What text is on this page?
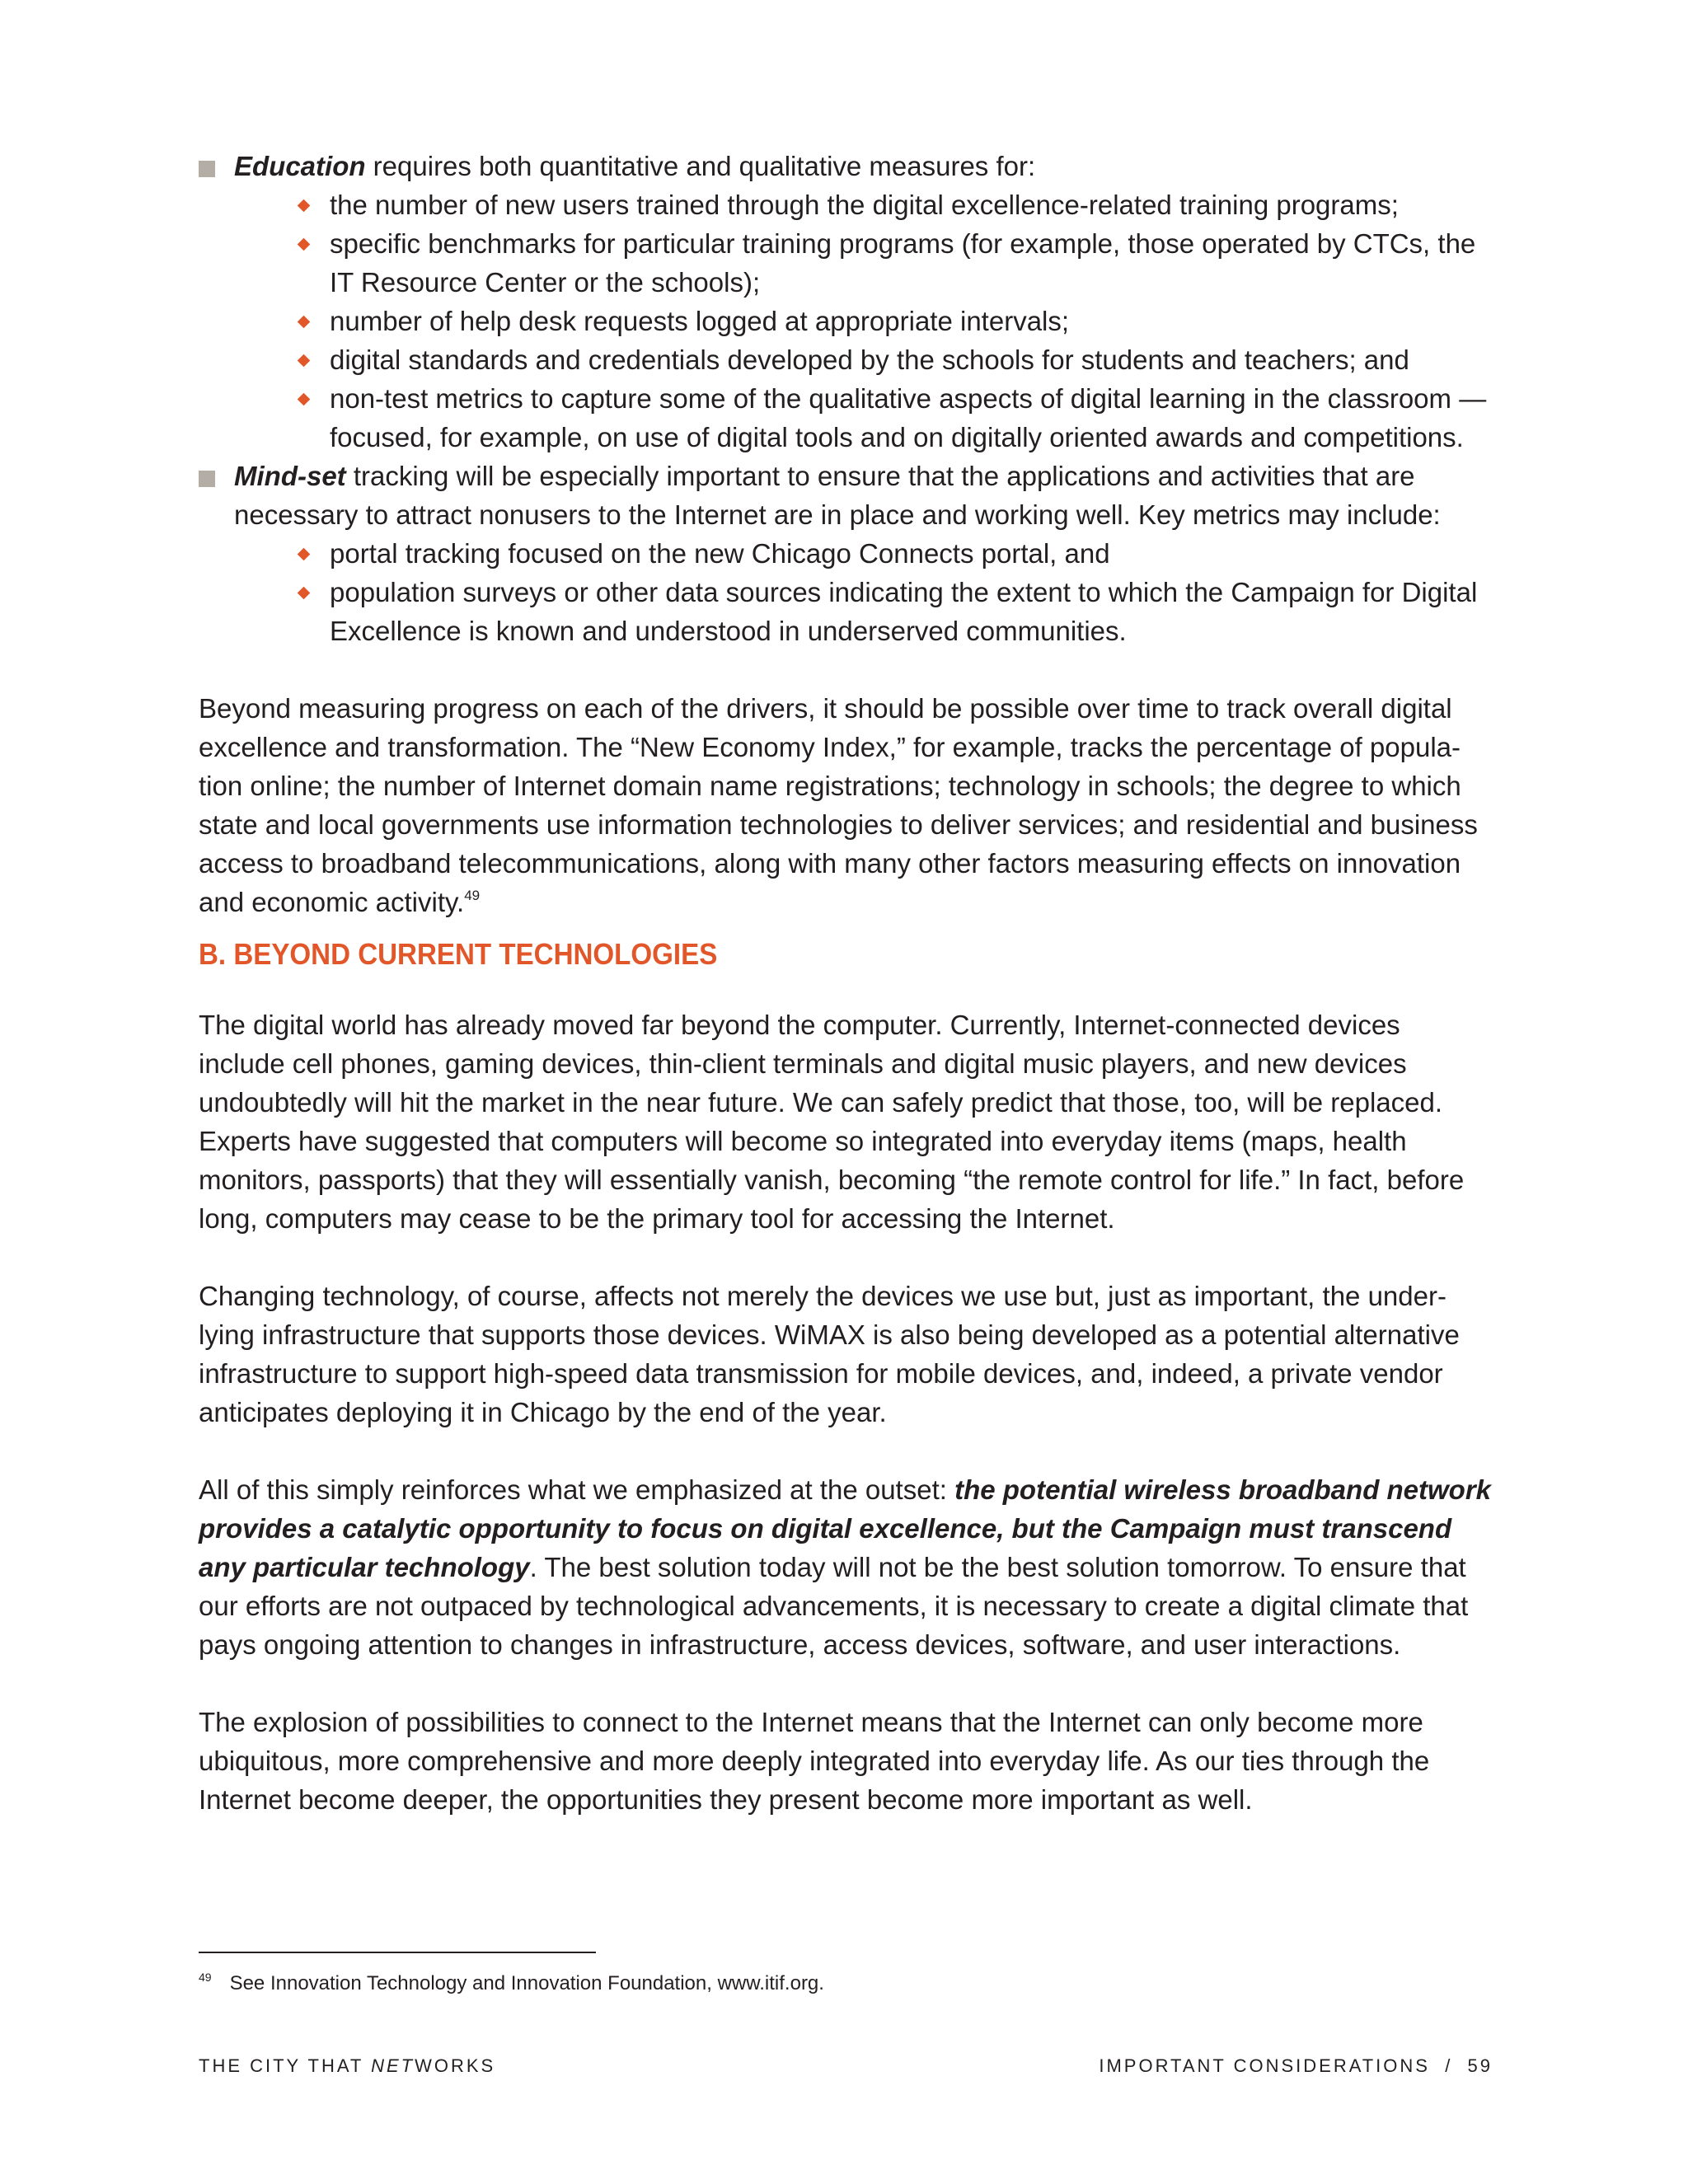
Education requires both quantitative and qualitative measures for:
the number of new users trained through the digital excellence-related training programs;
specific benchmarks for particular training programs (for example, those operated by CTCs, the IT Resource Center or the schools);
number of help desk requests logged at appropriate intervals;
digital standards and credentials developed by the schools for students and teachers; and
non-test metrics to capture some of the qualitative aspects of digital learning in the classroom — focused, for example, on use of digital tools and on digitally oriented awards and competitions.
Mind-set tracking will be especially important to ensure that the applications and activities that are necessary to attract nonusers to the Internet are in place and working well. Key metrics may include:
portal tracking focused on the new Chicago Connects portal, and
population surveys or other data sources indicating the extent to which the Campaign for Digital Excellence is known and understood in underserved communities.

Beyond measuring progress on each of the drivers, it should be possible over time to track overall digital excellence and transformation. The “New Economy Index,” for example, tracks the percentage of popula-tion online; the number of Internet domain name registrations; technology in schools; the degree to which state and local governments use information technologies to deliver services; and residential and business access to broadband telecommunications, along with many other factors measuring effects on innovation and economic activity.$^{49}$

B. BEYOND CURRENT TECHNOLOGIES

The digital world has already moved far beyond the computer. Currently, Internet-connected devices include cell phones, gaming devices, thin-client terminals and digital music players, and new devices undoubtedly will hit the market in the near future. We can safely predict that those, too, will be replaced. Experts have suggested that computers will become so integrated into everyday items (maps, health monitors, passports) that they will essentially vanish, becoming “the remote control for life.” In fact, before long, computers may cease to be the primary tool for accessing the Internet.

Changing technology, of course, affects not merely the devices we use but, just as important, the under-lying infrastructure that supports those devices. WiMAX is also being developed as a potential alternative infrastructure to support high-speed data transmission for mobile devices, and, indeed, a private vendor anticipates deploying it in Chicago by the end of the year.

All of this simply reinforces what we emphasized at the outset: the potential wireless broadband network provides a catalytic opportunity to focus on digital excellence, but the Campaign must transcend any particular technology. The best solution today will not be the best solution tomorrow. To ensure that our efforts are not outpaced by technological advancements, it is necessary to create a digital climate that pays ongoing attention to changes in infrastructure, access devices, software, and user interactions.

The explosion of possibilities to connect to the Internet means that the Internet can only become more ubiquitous, more comprehensive and more deeply integrated into everyday life. As our ties through the Internet become deeper, the opportunities they present become more important as well.

$^{49}$ See Innovation Technology and Innovation Foundation, www.itif.org.
THE CITY THAT NETWORKS	IMPORTANT CONSIDERATIONS  /  59
